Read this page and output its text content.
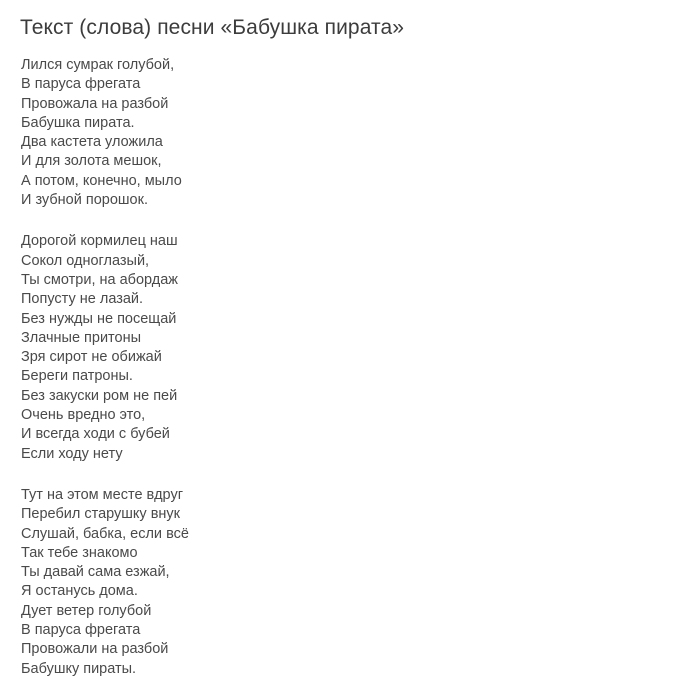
Текст (слова) песни «Бабушка пирата»
Лился сумрак голубой,
В паруса фрегата
Провожала на разбой
Бабушка пирата.
Два кастета уложила
И для золота мешок,
А потом, конечно, мыло
И зубной порошок.
Дорогой кормилец наш
Сокол одноглазый,
Ты смотри, на абордаж
Попусту не лазай.
Без нужды не посещай
Злачные притоны
Зря сирот не обижай
Береги патроны.
Без закуски ром не пей
Очень вредно это,
И всегда ходи с бубей
Если ходу нету
Тут на этом месте вдруг
Перебил старушку внук
Слушай, бабка, если всё
Так тебе знакомо
Ты давай сама езжай,
Я останусь дома.
Дует ветер голубой
В паруса фрегата
Провожали на разбой
Бабушку пираты.
